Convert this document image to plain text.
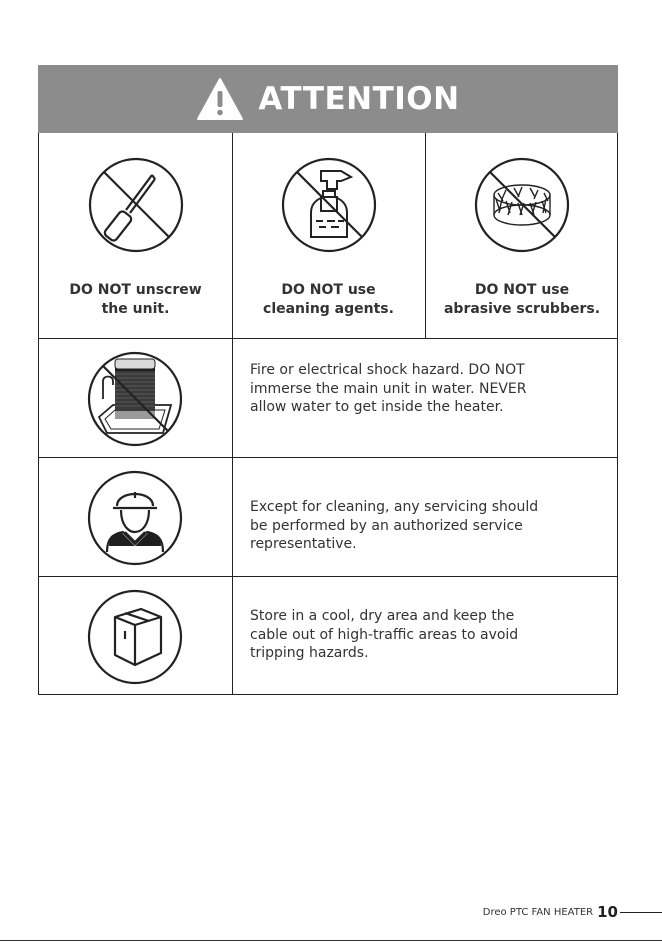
ATTENTION
DO NOT unscrew
the unit.
DO NOT use
cleaning agents.
DO NOT use
abrasive scrubbers.
Fire or electrical shock hazard. DO NOT immerse the main unit in water. NEVER allow water to get inside the heater.
Except for cleaning, any servicing should be performed by an authorized service representative.
Store in a cool, dry area and keep the cable out of high-traffic areas to avoid tripping hazards.
Dreo PTC FAN HEATER 10
